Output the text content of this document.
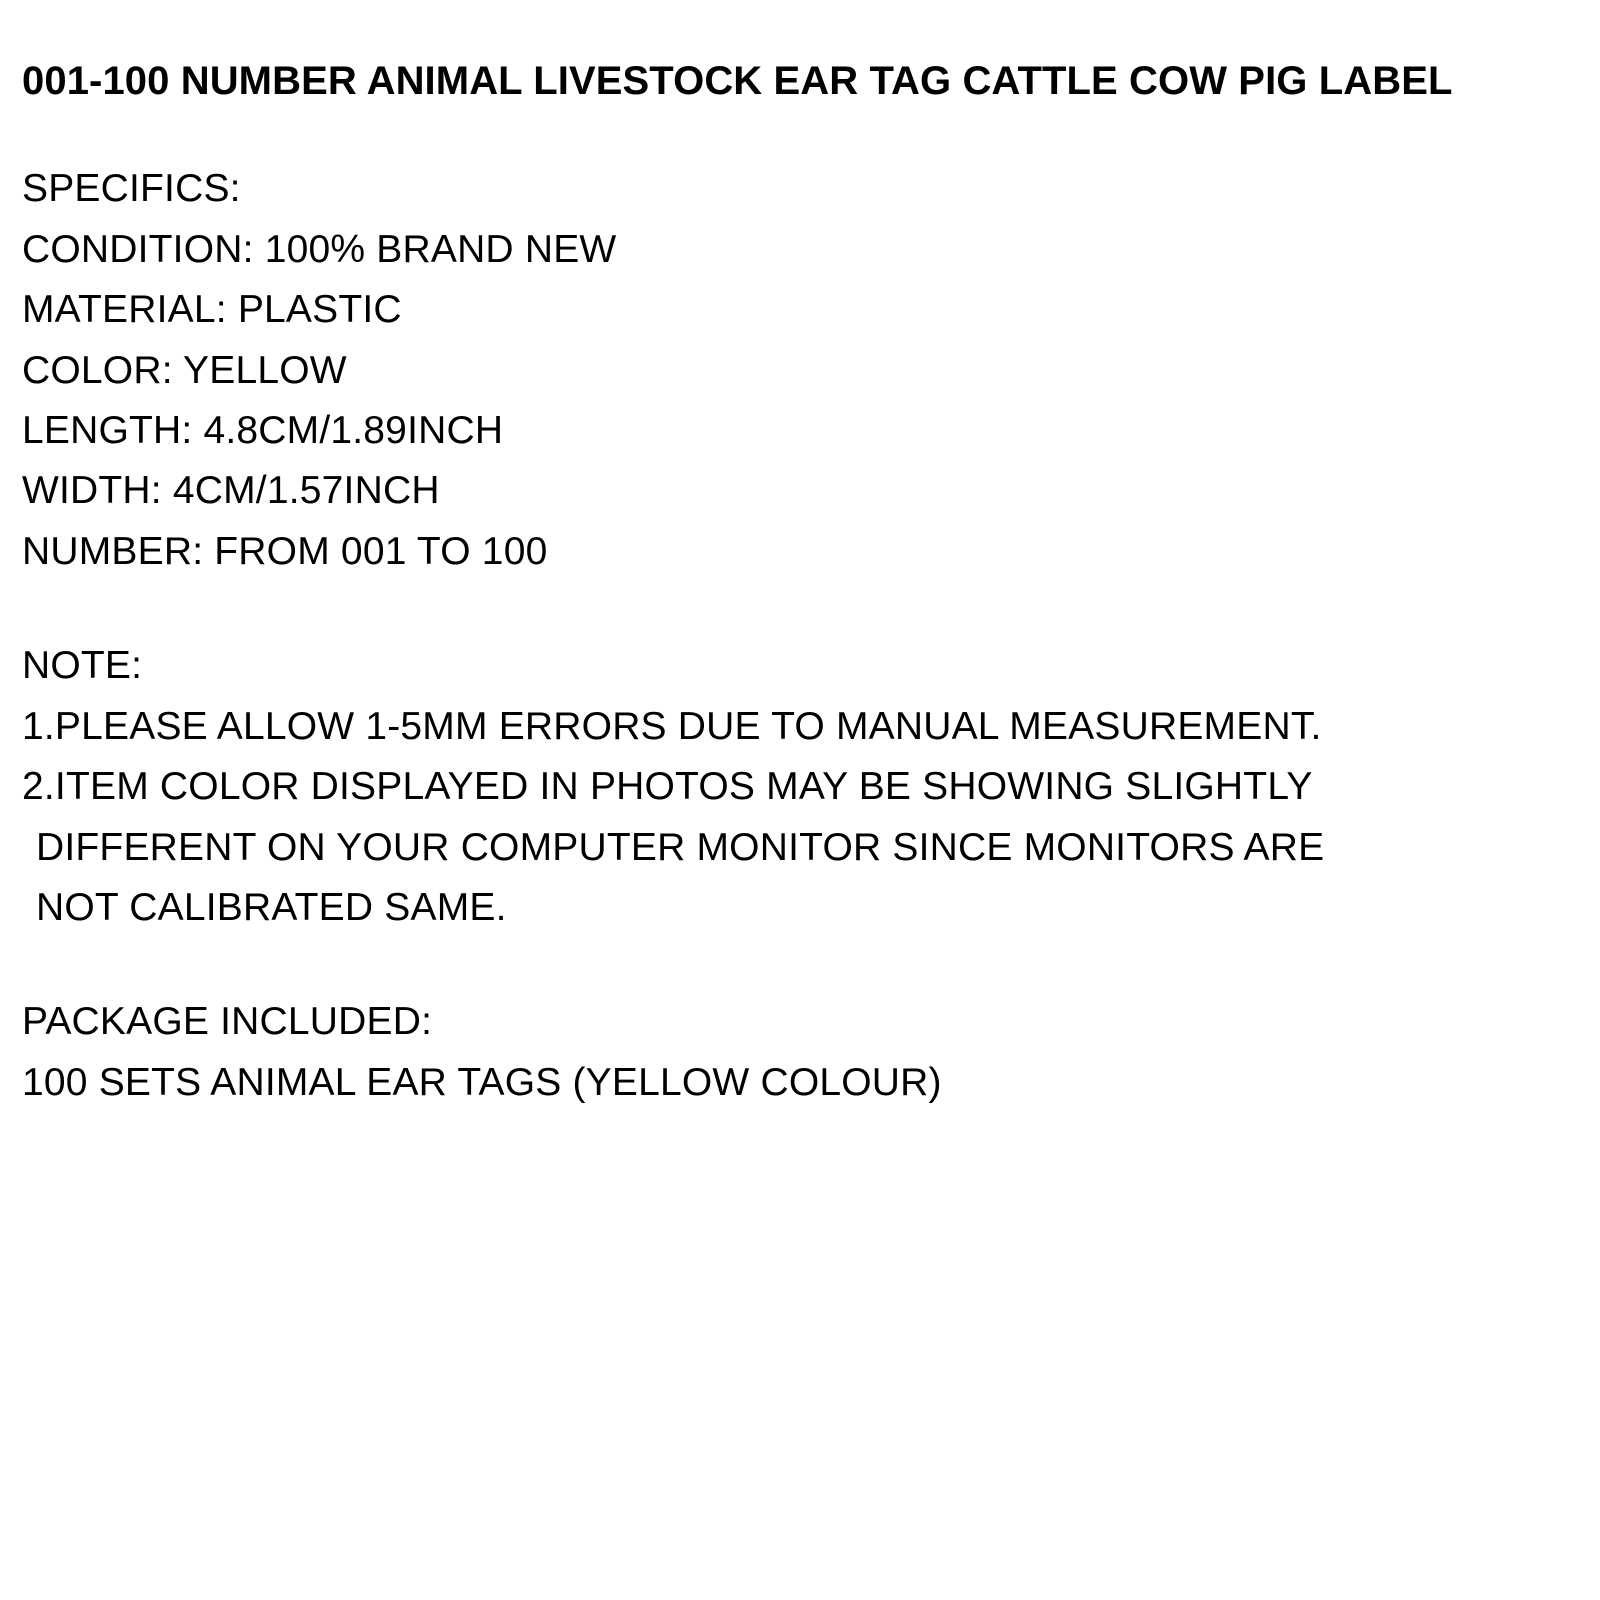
001-100 NUMBER ANIMAL LIVESTOCK EAR TAG CATTLE COW PIG LABEL
SPECIFICS:
CONDITION: 100% BRAND NEW
MATERIAL: PLASTIC
COLOR: YELLOW
LENGTH: 4.8CM/1.89INCH
WIDTH: 4CM/1.57INCH
NUMBER: FROM 001 TO 100
NOTE:
1.PLEASE ALLOW 1-5MM ERRORS DUE TO MANUAL MEASUREMENT.
2.ITEM COLOR DISPLAYED IN PHOTOS MAY BE SHOWING SLIGHTLY
DIFFERENT ON YOUR COMPUTER MONITOR SINCE MONITORS ARE
NOT CALIBRATED SAME.
PACKAGE INCLUDED:
100 SETS ANIMAL EAR TAGS (YELLOW COLOUR)
